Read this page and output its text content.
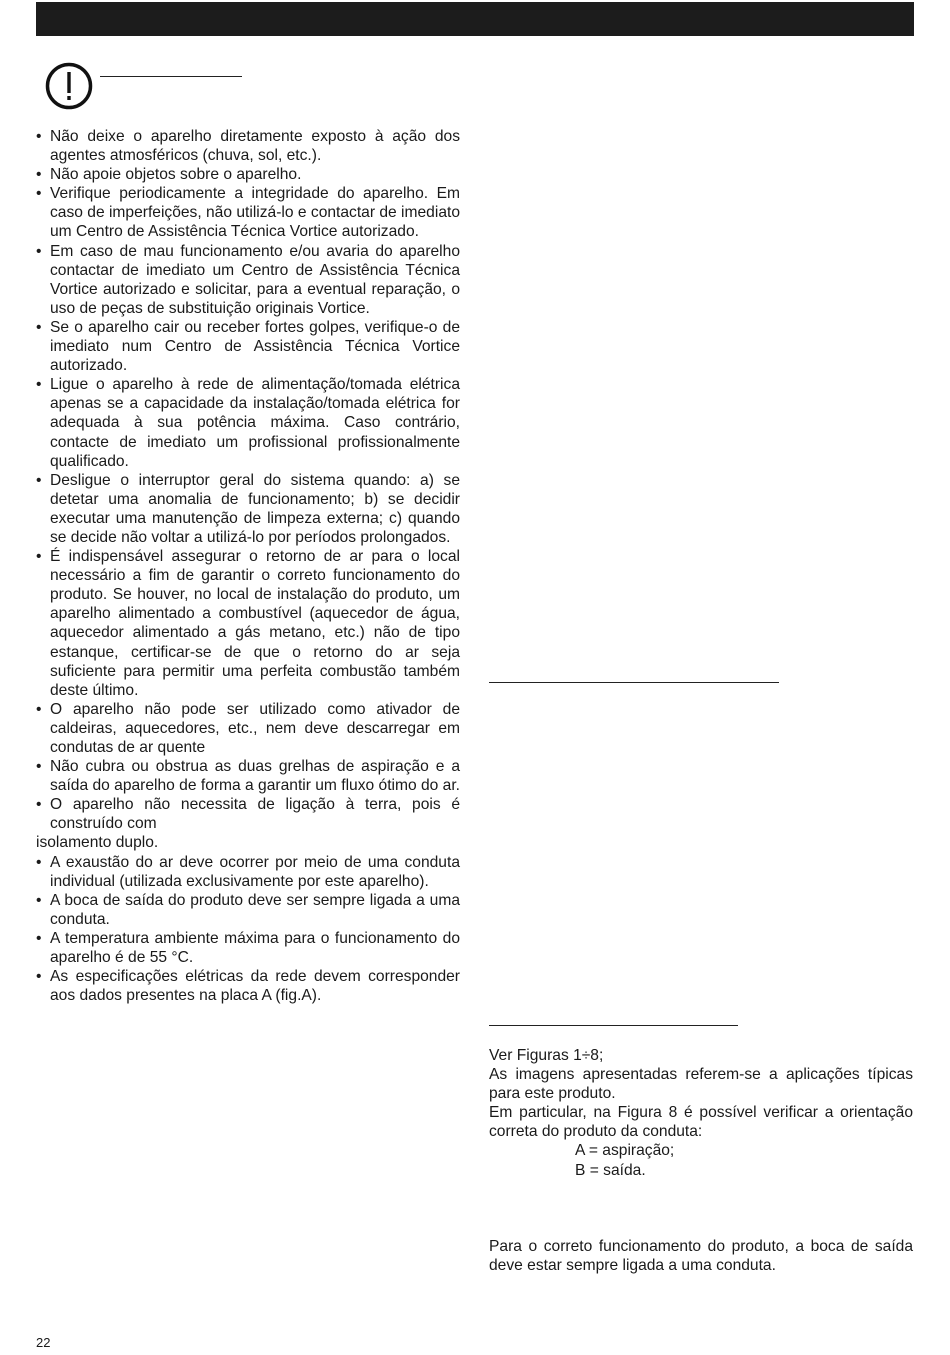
• Não deixe o aparelho diretamente exposto à ação dos agentes atmosféricos (chuva, sol, etc.).
• Não apoie objetos sobre o aparelho.
• Verifique periodicamente a integridade do aparelho. Em caso de imperfeições, não utilizá-lo e contactar de imediato um Centro de Assistência Técnica Vortice autorizado.
• Em caso de mau funcionamento e/ou avaria do aparelho contactar de imediato um Centro de Assistência Técnica Vortice autorizado e solicitar, para a eventual reparação, o uso de peças de substituição originais Vortice.
• Se o aparelho cair ou receber fortes golpes, verifique-o de imediato num Centro de Assistência Técnica Vortice autorizado.
• Ligue o aparelho à rede de alimentação/tomada elétrica apenas se a capacidade da instalação/tomada elétrica for adequada à sua potência máxima. Caso contrário, contacte de imediato um profissional profissionalmente qualificado.
• Desligue o interruptor geral do sistema quando: a) se detetar uma anomalia de funcionamento; b) se decidir executar uma manutenção de limpeza externa; c) quando se decide não voltar a utilizá-lo por períodos prolongados.
• É indispensável assegurar o retorno de ar para o local necessário a fim de garantir o correto funcionamento do produto. Se houver, no local de instalação do produto, um aparelho alimentado a combustível (aquecedor de água, aquecedor alimentado a gás metano, etc.) não de tipo estanque, certificar-se de que o retorno do ar seja suficiente para permitir uma perfeita combustão também deste último.
• O aparelho não pode ser utilizado como ativador de caldeiras, aquecedores, etc., nem deve descarregar em condutas de ar quente
• Não cubra ou obstrua as duas grelhas de aspiração e a saída do aparelho de forma a garantir um fluxo ótimo do ar.
• O aparelho não necessita de ligação à terra, pois é construído com
isolamento duplo.
• A exaustão do ar deve ocorrer por meio de uma conduta individual (utilizada exclusivamente por este aparelho).
• A boca de saída do produto deve ser sempre ligada a uma conduta.
• A temperatura ambiente máxima para o funcionamento do aparelho é de 55 °C.
• As especificações elétricas da rede devem corresponder aos dados presentes na placa A (fig.A).
Ver Figuras 1÷8;
As imagens apresentadas referem-se a aplicações típicas para este produto.
Em particular, na Figura 8 é possível verificar a orientação correta do produto da conduta:
A = aspiração;
B = saída.
Para o correto funcionamento do produto, a boca de saída deve estar sempre ligada a uma conduta.
22
